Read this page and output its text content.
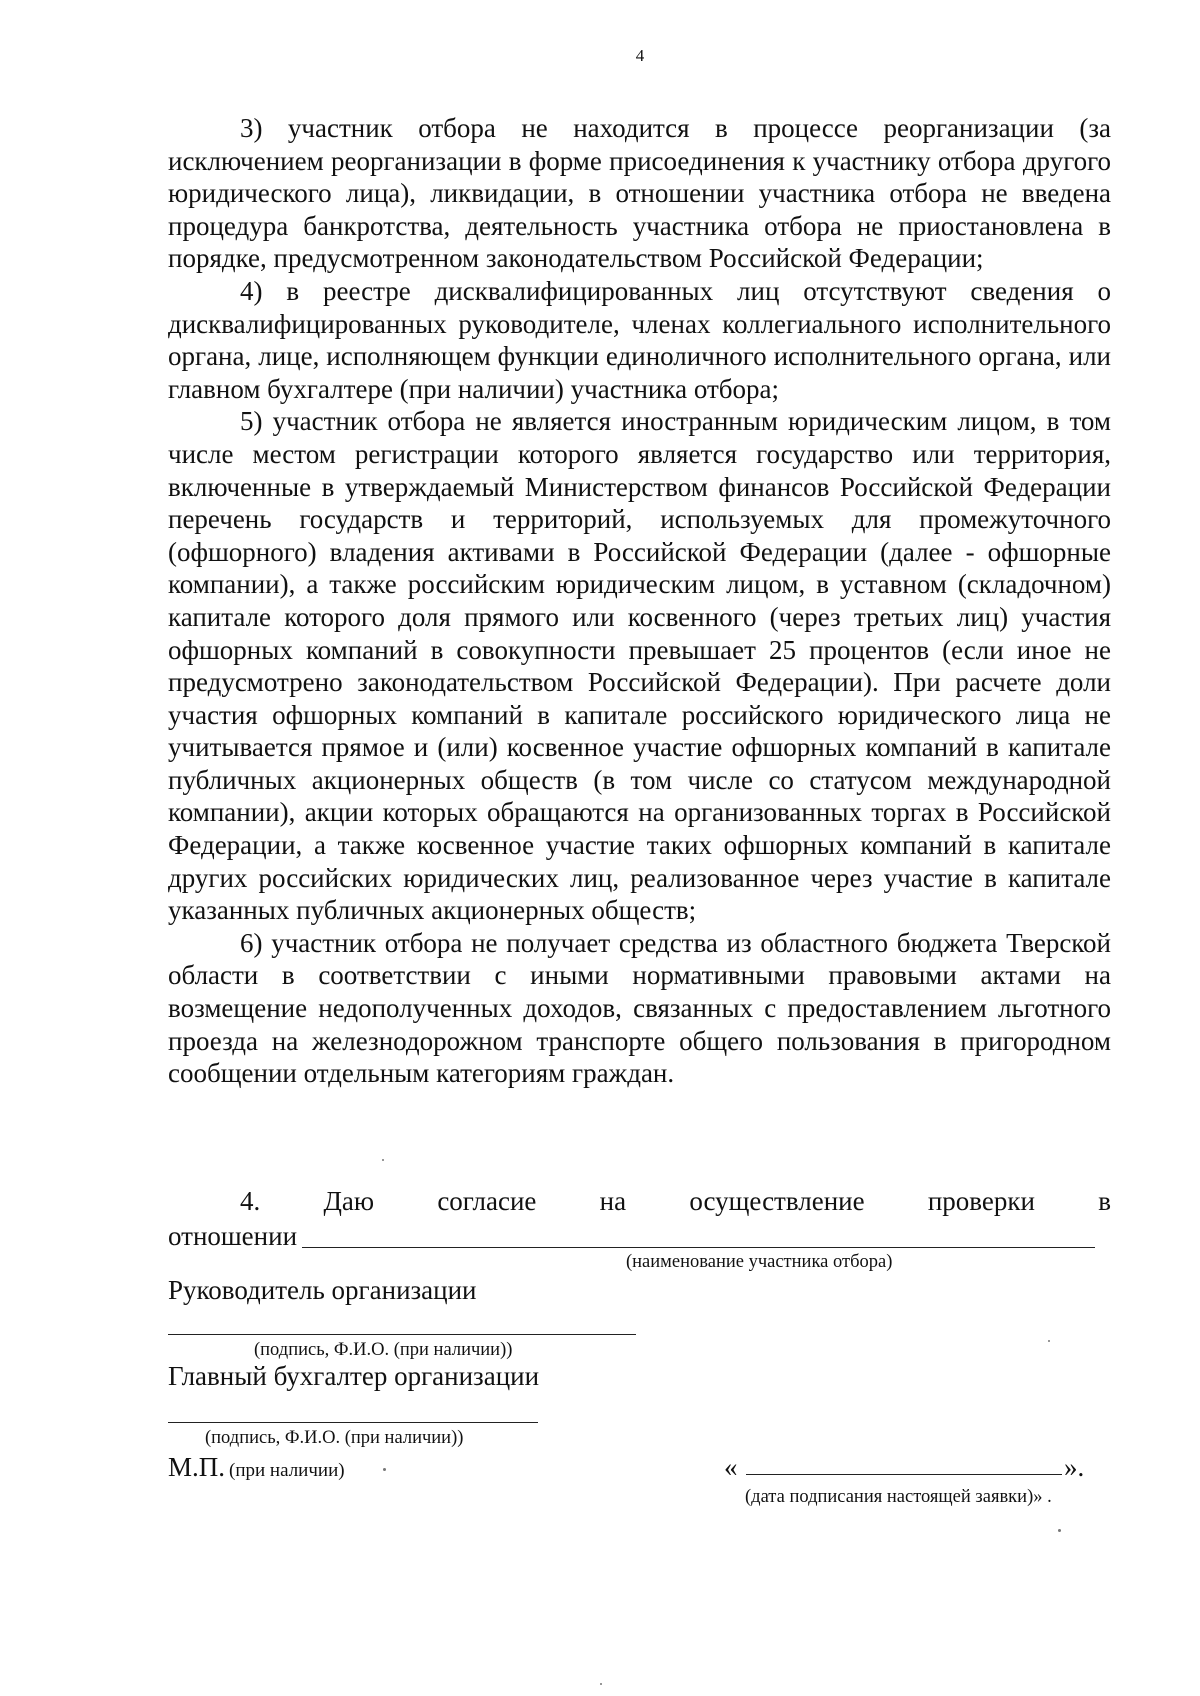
4

3) участник отбора не находится в процессе реорганизации (за исключением реорганизации в форме присоединения к участнику отбора другого юридического лица), ликвидации, в отношении участника отбора не введена процедура банкротства, деятельность участника отбора не приостановлена в порядке, предусмотренном законодательством Российской Федерации;

4) в реестре дисквалифицированных лиц отсутствуют сведения о дисквалифицированных руководителе, членах коллегиального исполнительного органа, лице, исполняющем функции единоличного исполнительного органа, или главном бухгалтере (при наличии) участника отбора;

5) участник отбора не является иностранным юридическим лицом, в том числе местом регистрации которого является государство или территория, включенные в утверждаемый Министерством финансов Российской Федерации перечень государств и территорий, используемых для промежуточного (офшорного) владения активами в Российской Федерации (далее - офшорные компании), а также российским юридическим лицом, в уставном (складочном) капитале которого доля прямого или косвенного (через третьих лиц) участия офшорных компаний в совокупности превышает 25 процентов (если иное не предусмотрено законодательством Российской Федерации). При расчете доли участия офшорных компаний в капитале российского юридического лица не учитывается прямое и (или) косвенное участие офшорных компаний в капитале публичных акционерных обществ (в том числе со статусом международной компании), акции которых обращаются на организованных торгах в Российской Федерации, а также косвенное участие таких офшорных компаний в капитале других российских юридических лиц, реализованное через участие в капитале указанных публичных акционерных обществ;

6) участник отбора не получает средства из областного бюджета Тверской области в соответствии с иными нормативными правовыми актами на возмещение недополученных доходов, связанных с предоставлением льготного проезда на железнодорожном транспорте общего пользования в пригородном сообщении отдельным категориям граждан.

4. Даю согласие на осуществление проверки в
отношении
(наименование участника отбора)
Руководитель организации
(подпись, Ф.И.О. (при наличии))
Главный бухгалтер организации
(подпись, Ф.И.О. (при наличии))
М.П. (при наличии)	«	».
(дата подписания настоящей заявки)» .
